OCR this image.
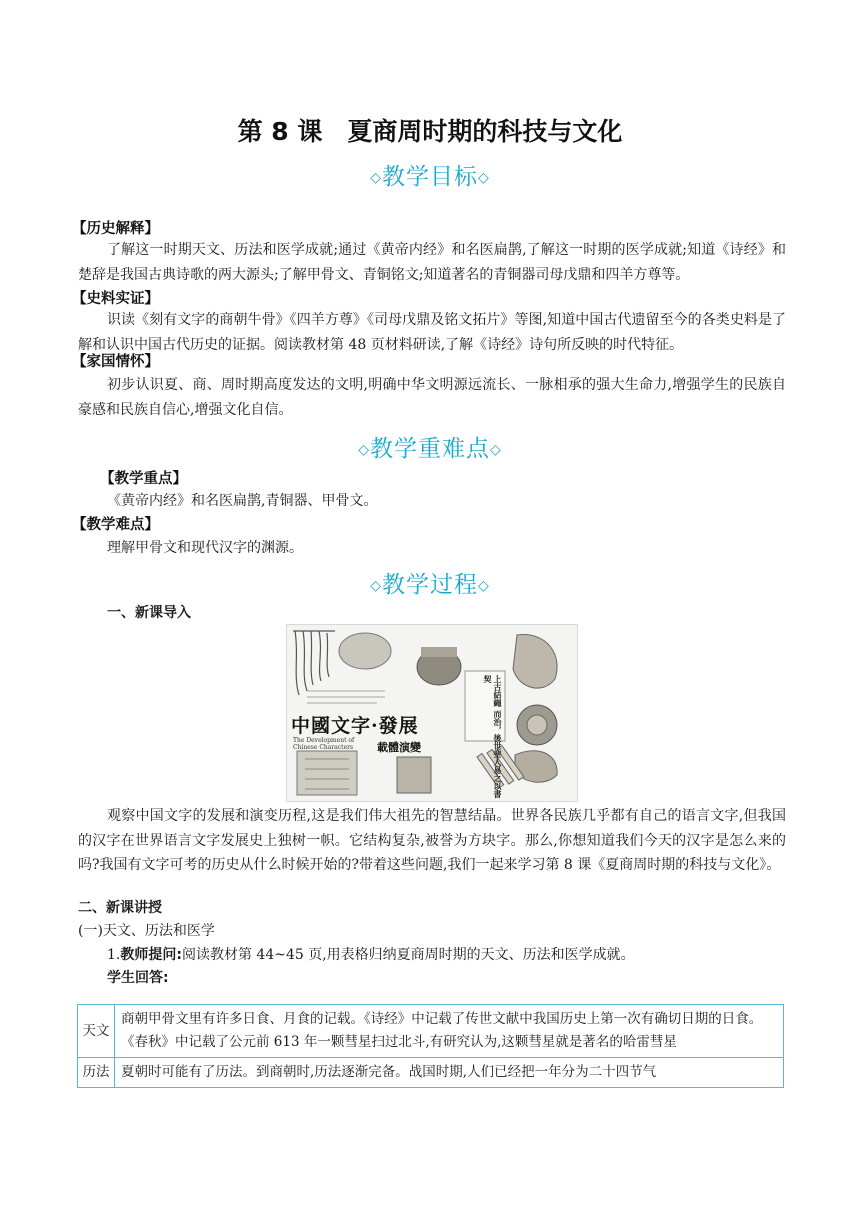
第 8 课　夏商周时期的科技与文化
◇教学目标◇
【历史解释】

了解这一时期天文、历法和医学成就;通过《黄帝内经》和名医扁鹊,了解这一时期的医学成就;知道《诗经》和楚辞是我国古典诗歌的两大源头;了解甲骨文、青铜铭文;知道著名的青铜器司母戊鼎和四羊方尊等。

【史料实证】

识读《刻有文字的商朝牛骨》《四羊方尊》《司母戊鼎及铭文拓片》等图,知道中国古代遗留至今的各类史料是了解和认识中国古代历史的证据。阅读教材第 48 页材料研读,了解《诗经》诗句所反映的时代特征。

【家国情怀】

初步认识夏、商、周时期高度发达的文明,明确中华文明源远流长、一脉相承的强大生命力,增强学生的民族自豪感和民族自信心,增强文化自信。

◇教学重难点◇
【教学重点】
《黄帝内经》和名医扁鹊,青铜器、甲骨文。
【教学难点】
理解甲骨文和现代汉字的渊源。
◇教学过程◇
一、新课导入
中國文字·發展
The Development of Chinese Characters	載體演變	上古結繩 而治，後世聖人易之以書契

观察中国文字的发展和演变历程,这是我们伟大祖先的智慧结晶。世界各民族几乎都有自己的语言文字,但我国的汉字在世界语言文字发展史上独树一帜。它结构复杂,被誉为方块字。那么,你想知道我们今天的汉字是怎么来的吗?我国有文字可考的历史从什么时候开始的?带着这些问题,我们一起来学习第 8 课《夏商周时期的科技与文化》。

二、新课讲授
(一)天文、历法和医学
1.教师提问:阅读教材第 44~45 页,用表格归纳夏商周时期的天文、历法和医学成就。
学生回答:
天文	商朝甲骨文里有许多日食、月食的记载。《诗经》中记载了传世文献中我国历史上第一次有确切日期的日食。《春秋》中记载了公元前 613 年一颗彗星扫过北斗,有研究认为,这颗彗星就是著名的哈雷彗星
历法	夏朝时可能有了历法。到商朝时,历法逐渐完备。战国时期,人们已经把一年分为二十四节气
